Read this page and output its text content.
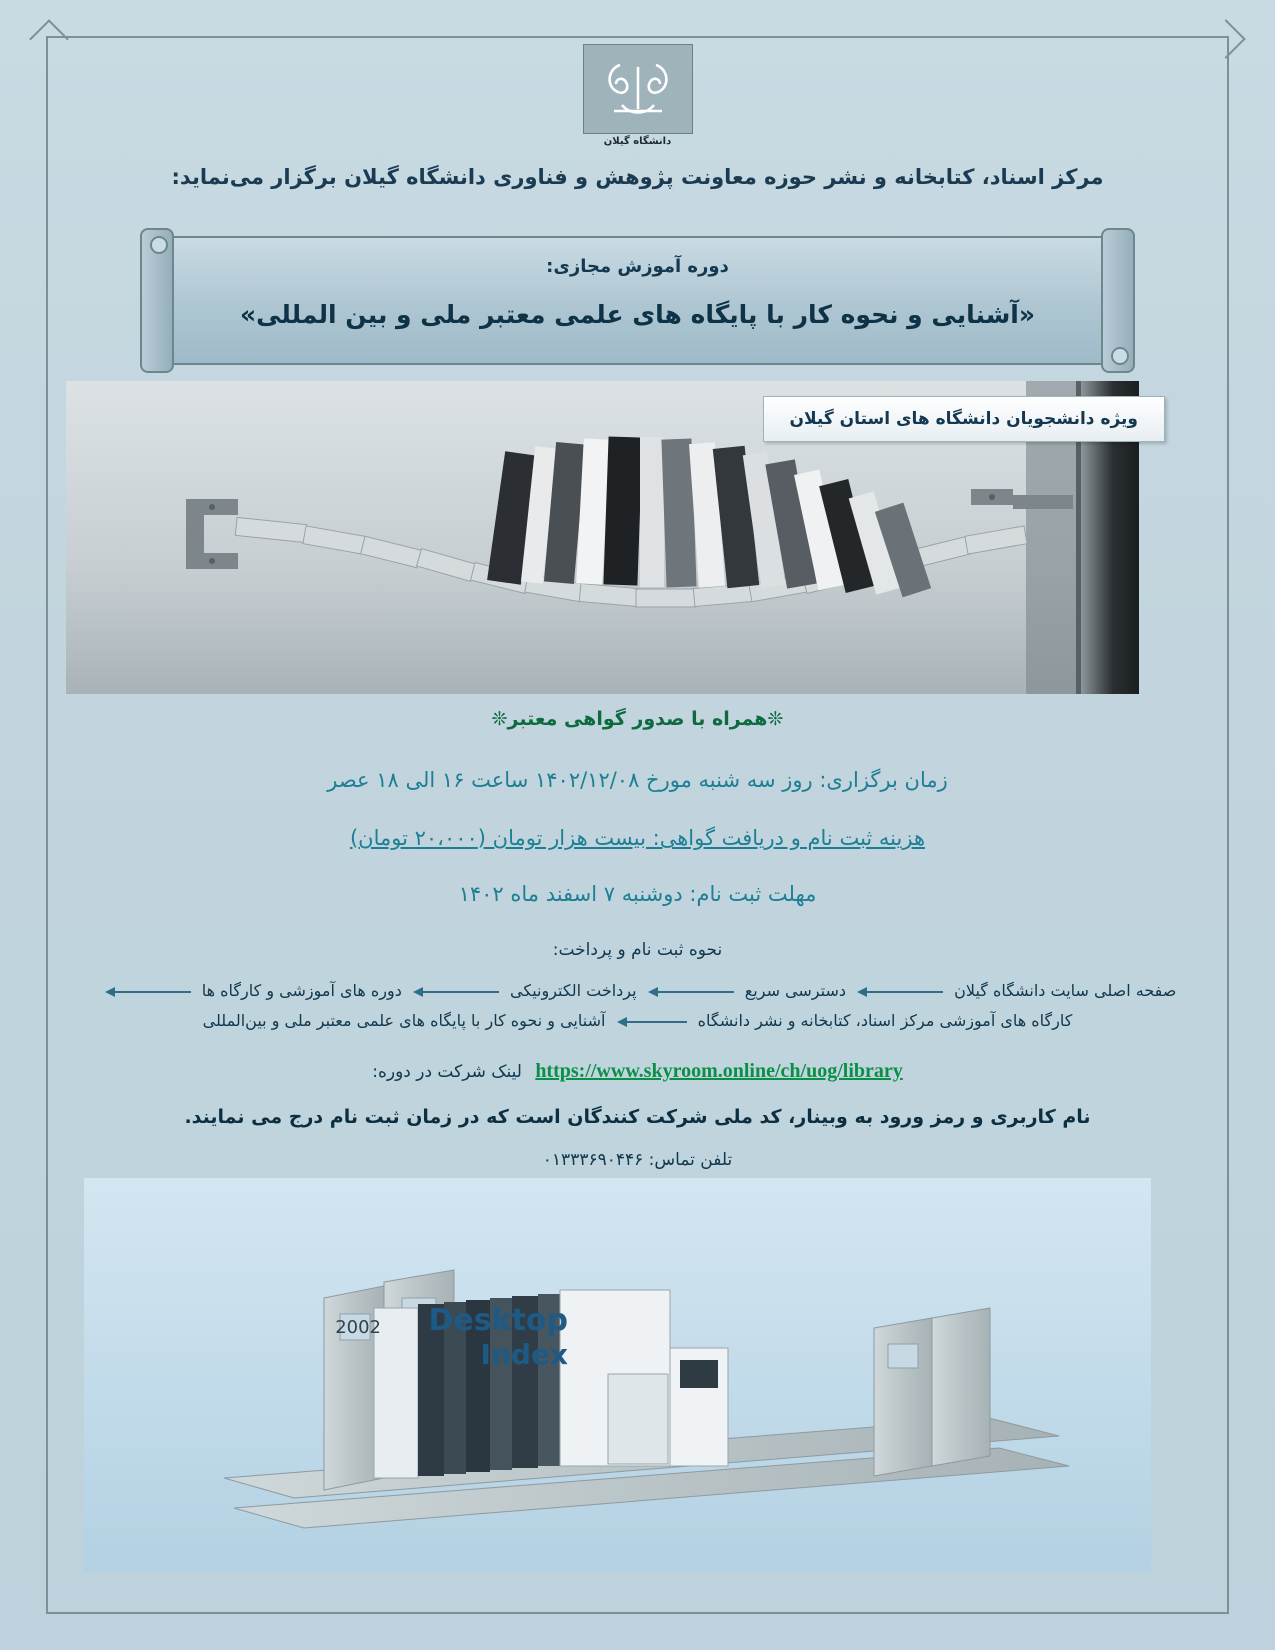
دانشگاه گیلان
مرکز اسناد، کتابخانه و نشر حوزه معاونت پژوهش و فناوری دانشگاه گیلان برگزار می‌نماید:
دوره آموزش مجازی:
«آشنایی و نحوه کار با پایگاه های علمی معتبر ملی و بین المللی»
ویژه دانشجویان دانشگاه های استان گیلان
❊همراه با صدور گواهی معتبر❊
زمان برگزاری: روز سه شنبه مورخ ۱۴۰۲/۱۲/۰۸ ساعت ۱۶ الی ۱۸ عصر
هزینه ثبت نام و دریافت گواهی: بیست هزار تومان (۲۰،۰۰۰ تومان)
مهلت ثبت نام: دوشنبه ۷ اسفند ماه ۱۴۰۲
نحوه ثبت نام و پرداخت:
صفحه اصلی سایت دانشگاه گیلان  دسترسی سریع  پرداخت الکترونیکی  دوره های آموزشی و کارگاه ها
کارگاه های آموزشی مرکز اسناد، کتابخانه و نشر دانشگاه  آشنایی و نحوه کار با پایگاه های علمی معتبر ملی و بین‌المللی
https://www.skyroom.online/ch/uog/library لینک شرکت در دوره:
نام کاربری و رمز ورود به وبینار، کد ملی شرکت کنندگان است که در زمان ثبت نام درج می نمایند.
تلفن تماس: ۰۱۳۳۳۶۹۰۴۴۶
2002 Desktop
Index
